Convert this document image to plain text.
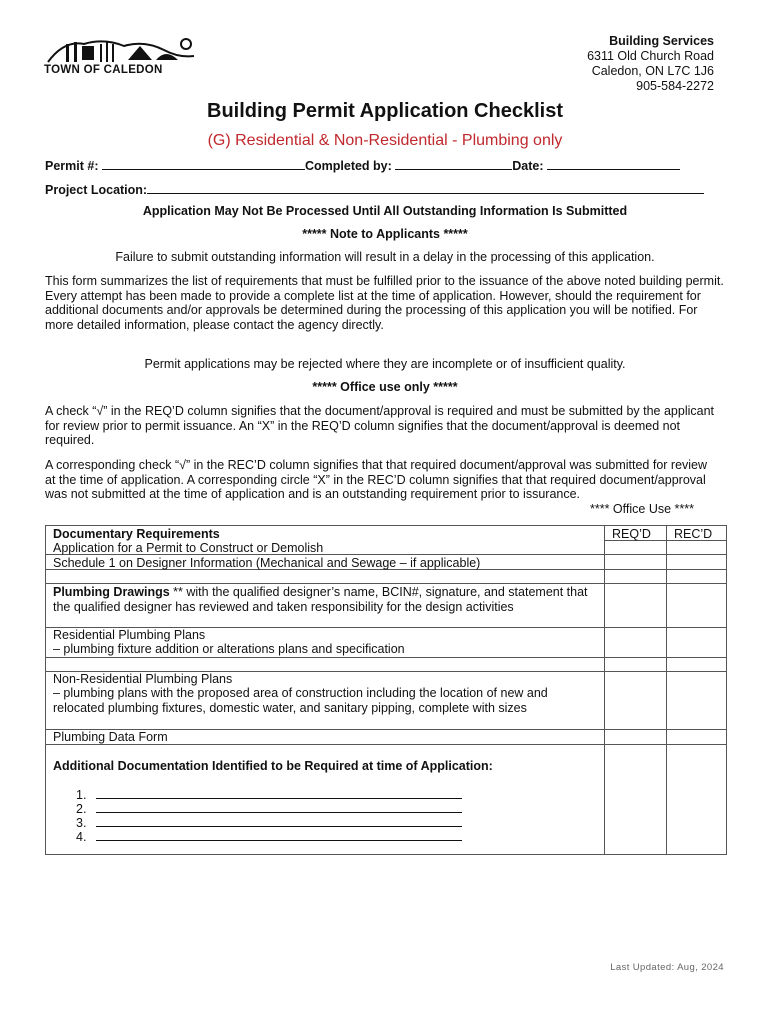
TOWN OF CALEDON
Building Services
6311 Old Church Road
Caledon, ON L7C 1J6
905-584-2272
Building Permit Application Checklist
(G) Residential & Non-Residential - Plumbing only
Permit #:	Completed by:	Date:
Project Location:
Application May Not Be Processed Until All Outstanding Information Is Submitted
***** Note to Applicants *****
Failure to submit outstanding information will result in a delay in the processing of this application.
This form summarizes the list of requirements that must be fulfilled prior to the issuance of the above noted building permit. Every attempt has been made to provide a complete list at the time of application. However, should the requirement for additional documents and/or approvals be determined during the processing of this application you will be notified. For more detailed information, please contact the agency directly.
Permit applications may be rejected where they are incomplete or of insufficient quality.
***** Office use only *****
A check “√” in the REQ’D column signifies that the document/approval is required and must be submitted by the applicant for review prior to permit issuance. An “X” in the REQ’D column signifies that the document/approval is deemed not required.
A corresponding check “√” in the REC’D column signifies that that required document/approval was submitted for review at the time of application. A corresponding circle “X” in the REC’D column signifies that that required document/approval was not submitted at the time of application and is an outstanding requirement prior to issurance.
**** Office Use ****
Documentary Requirements	REQ’D REC’D
Application for a Permit to Construct or Demolish
Schedule 1 on Designer Information (Mechanical and Sewage – if applicable)
Plumbing Drawings ** with the qualified designer’s name, BCIN#, signature, and statement that the qualified designer has reviewed and taken responsibility for the design activities
Residential Plumbing Plans
– plumbing fixture addition or alterations plans and specification
Non-Residential Plumbing Plans
– plumbing plans with the proposed area of construction including the location of new and relocated plumbing fixtures, domestic water, and sanitary pipping, complete with sizes
Plumbing Data Form
Additional Documentation Identified to be Required at time of Application:
1.
2.
3.
4.
Last Updated: Aug, 2024
